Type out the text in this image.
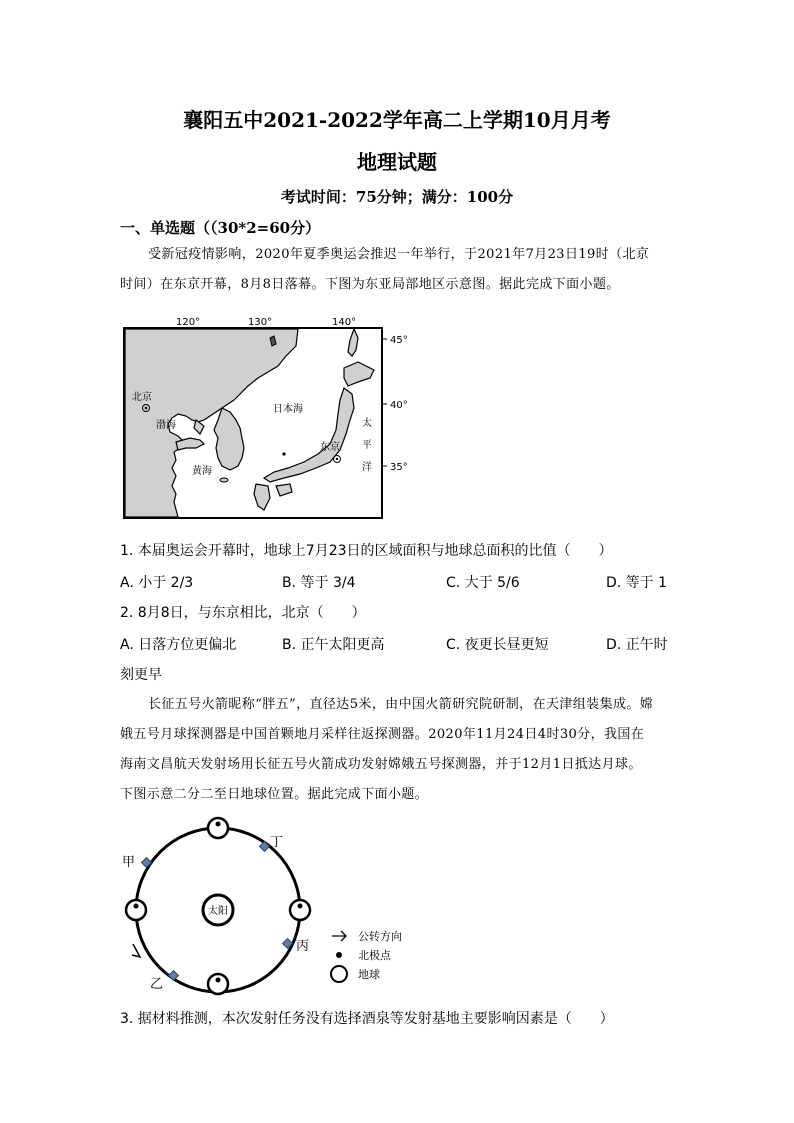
襄阳五中2021-2022学年高二上学期10月月考
地理试题
考试时间：75分钟；满分：100分
一、单选题（（30*2=60分）
受新冠疫情影响，2020年夏季奥运会推迟一年举行，于2021年7月23日19时（北京
时间）在东京开幕，8月8日落幕。下图为东亚局部地区示意图。据此完成下面小题。
120°	130°	140°
45°
40°
35°
北京
渤海
黄海
日本海
东京
太
平
洋
1. 本届奥运会开幕时，地球上7月23日的区域面积与地球总面积的比值（　　）
A. 小于 2/3	B. 等于 3/4	C. 大于 5/6	D. 等于 1
2. 8月8日，与东京相比，北京（　　）
A. 日落方位更偏北	B. 正午太阳更高	C. 夜更长昼更短	D. 正午时
刻更早
长征五号火箭昵称“胖五”，直径达5米，由中国火箭研究院研制，在天津组装集成。嫦
娥五号月球探测器是中国首颗地月采样往返探测器。2020年11月24日4时30分，我国在
海南文昌航天发射场用长征五号火箭成功发射嫦娥五号探测器，并于12月1日抵达月球。
下图示意二分二至日地球位置。据此完成下面小题。
太阳
甲
丁
丙
乙
公转方向
北极点
地球
3. 据材料推测，本次发射任务没有选择酒泉等发射基地主要影响因素是（　　）
